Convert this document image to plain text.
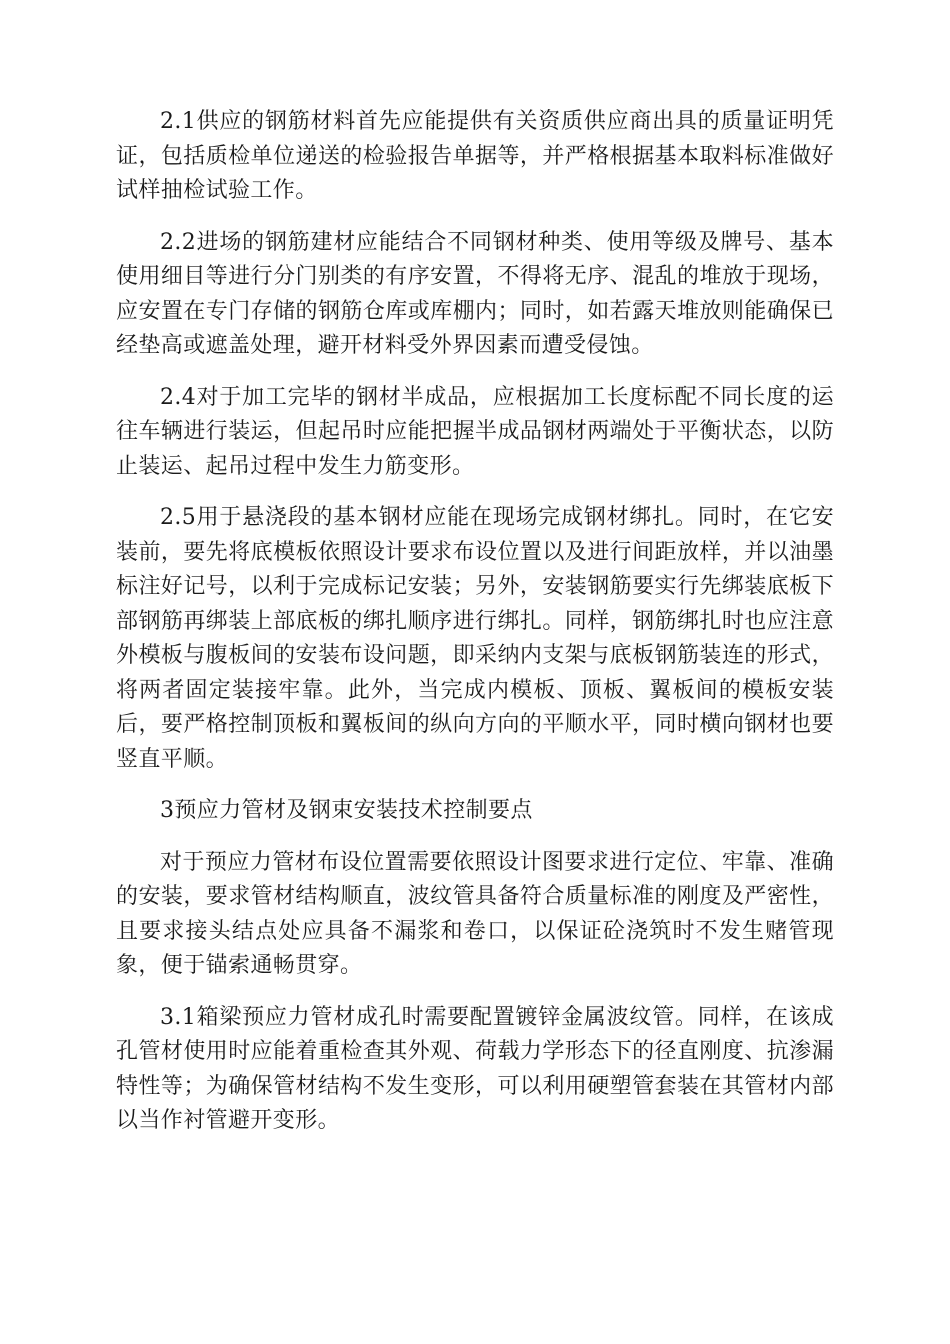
2.1供应的钢筋材料首先应能提供有关资质供应商出具的质量证明凭证，包括质检单位递送的检验报告单据等，并严格根据基本取料标准做好试样抽检试验工作。

2.2进场的钢筋建材应能结合不同钢材种类、使用等级及牌号、基本使用细目等进行分门别类的有序安置，不得将无序、混乱的堆放于现场，应安置在专门存储的钢筋仓库或库棚内；同时，如若露天堆放则能确保已经垫高或遮盖处理，避开材料受外界因素而遭受侵蚀。

2.4对于加工完毕的钢材半成品，应根据加工长度标配不同长度的运往车辆进行装运，但起吊时应能把握半成品钢材两端处于平衡状态，以防止装运、起吊过程中发生力筋变形。

2.5用于悬浇段的基本钢材应能在现场完成钢材绑扎。同时，在它安装前，要先将底模板依照设计要求布设位置以及进行间距放样，并以油墨标注好记号，以利于完成标记安装；另外，安装钢筋要实行先绑装底板下部钢筋再绑装上部底板的绑扎顺序进行绑扎。同样，钢筋绑扎时也应注意外模板与腹板间的安装布设问题，即采纳内支架与底板钢筋装连的形式，将两者固定装接牢靠。此外，当完成内模板、顶板、翼板间的模板安装后，要严格控制顶板和翼板间的纵向方向的平顺水平，同时横向钢材也要竖直平顺。

3预应力管材及钢束安装技术控制要点

对于预应力管材布设位置需要依照设计图要求进行定位、牢靠、准确的安装，要求管材结构顺直，波纹管具备符合质量标准的刚度及严密性，且要求接头结点处应具备不漏浆和卷口，以保证砼浇筑时不发生赌管现象，便于锚索通畅贯穿。

3.1箱梁预应力管材成孔时需要配置镀锌金属波纹管。同样，在该成孔管材使用时应能着重检查其外观、荷载力学形态下的径直刚度、抗渗漏特性等；为确保管材结构不发生变形，可以利用硬塑管套装在其管材内部以当作衬管避开变形。
